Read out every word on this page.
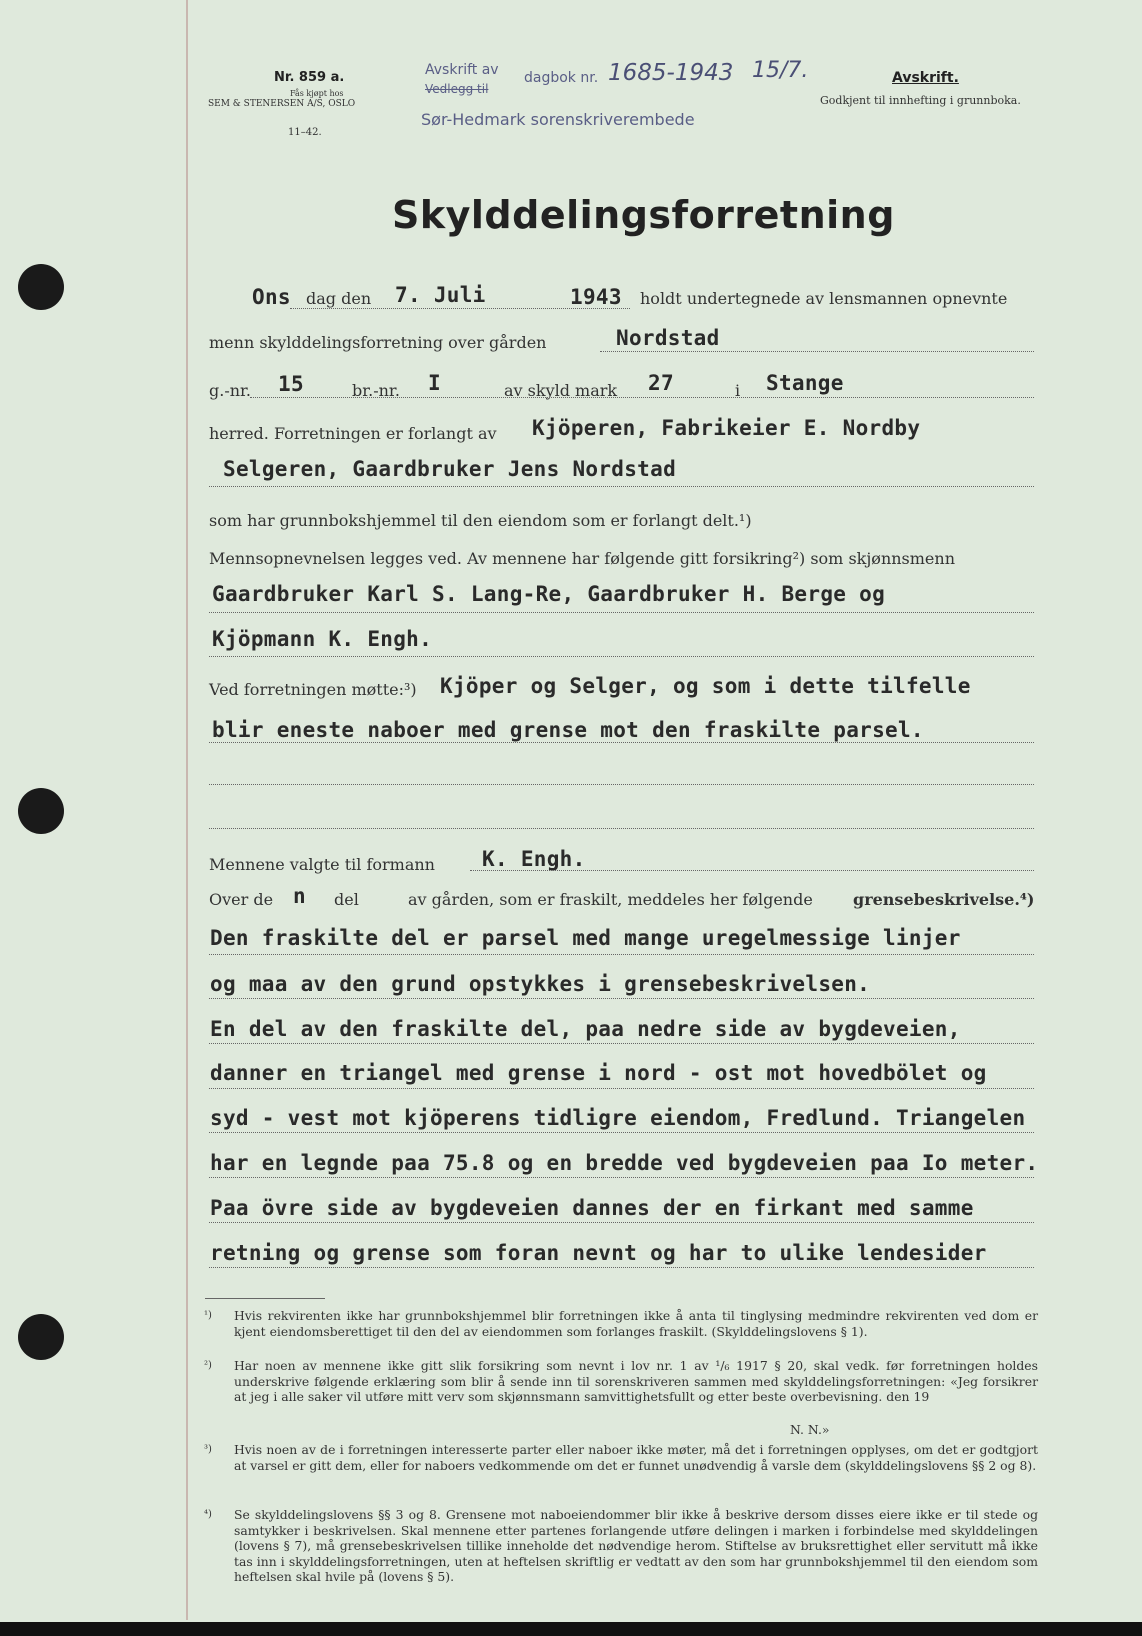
Nr. 859 a.
Fås kjøpt hos
SEM & STENERSEN A/S, OSLO
11–42.
Avskrift av
Vedlegg til
dagbok nr. 1685-1943 15/7.
Sør-Hedmark sorenskriverembede
Avskrift.
Godkjent til innhefting i grunnboka.
Skylddelingsforretning
Ons dag den 7. Juli	1943 holdt undertegnede av lensmannen opnevnte
menn skylddelingsforretning over gården	Nordstad
g.-nr. 15	br.-nr. I	av skyld mark 27	i Stange
herred. Forretningen er forlangt av Kjöperen, Fabrikeier E. Nordby
Selgeren, Gaardbruker Jens Nordstad
som har grunnbokshjemmel til den eiendom som er forlangt delt.¹)
Mennsopnevnelsen legges ved. Av mennene har følgende gitt forsikring²) som skjønnsmenn
Gaardbruker Karl S. Lang-Re, Gaardbruker H. Berge og
Kjöpmann K. Engh.
Ved forretningen møtte:³) Kjöper og Selger, og som i dette tilfelle
blir eneste naboer med grense mot den fraskilte parsel.
Mennene valgte til formann K. Engh.
Over de n del	av gården, som er fraskilt, meddeles her følgende	grensebeskrivelse.⁴)
Den fraskilte del er parsel med mange uregelmessige linjer
og maa av den grund opstykkes i grensebeskrivelsen.
En del av den fraskilte del, paa nedre side av bygdeveien,
danner en triangel med grense i nord - ost mot hovedbölet og
syd - vest mot kjöperens tidligre eiendom, Fredlund. Triangelen
har en legnde paa 75.8 og en bredde ved bygdeveien paa Io meter.
Paa övre side av bygdeveien dannes der en firkant med samme
retning og grense som foran nevnt og har to ulike lendesider
¹) Hvis rekvirenten ikke har grunnbokshjemmel blir forretningen ikke å anta til tinglysing medmindre rekvirenten ved dom er kjent eiendomsberettiget til den del av eiendommen som forlanges fraskilt. (Skylddelingslovens § 1).
²) Har noen av mennene ikke gitt slik forsikring som nevnt i lov nr. 1 av ¹/₆ 1917 § 20, skal vedk. før forretningen holdes underskrive følgende erklæring som blir å sende inn til sorenskriveren sammen med skylddelingsforretningen: «Jeg forsikrer at jeg i alle saker vil utføre mitt verv som skjønnsmann samvittighetsfullt og etter beste overbevisning. den 19
N. N.»
³) Hvis noen av de i forretningen interesserte parter eller naboer ikke møter, må det i forretningen opplyses, om det er godtgjort at varsel er gitt dem, eller for naboers vedkommende om det er funnet unødvendig å varsle dem (skylddelingslovens §§ 2 og 8).
⁴) Se skylddelingslovens §§ 3 og 8. Grensene mot naboeiendommer blir ikke å beskrive dersom disses eiere ikke er til stede og samtykker i beskrivelsen. Skal mennene etter partenes forlangende utføre delingen i marken i forbindelse med skylddelingen (lovens § 7), må grensebeskrivelsen tillike inneholde det nødvendige herom. Stiftelse av bruksrettighet eller servitutt må ikke tas inn i skylddelingsforretningen, uten at heftelsen skriftlig er vedtatt av den som har grunnbokshjemmel til den eiendom som heftelsen skal hvile på (lovens § 5).
